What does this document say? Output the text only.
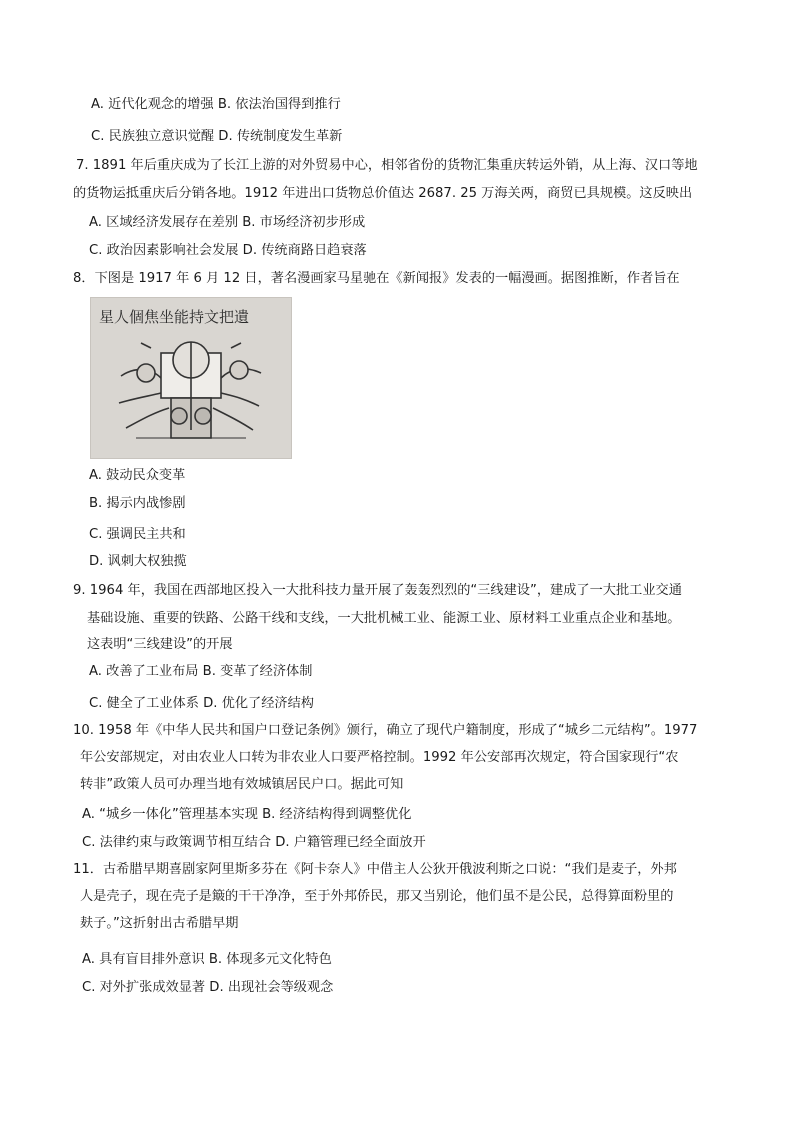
A. 近代化观念的增强 B. 依法治国得到推行
C. 民族独立意识觉醒 D. 传统制度发生革新
7. 1891 年后重庆成为了长江上游的对外贸易中心，相邻省份的货物汇集重庆转运外销，从上海、汉口等地
的货物运抵重庆后分销各地。1912 年进出口货物总价值达 2687. 25 万海关两，商贸已具规模。这反映出
A. 区域经济发展存在差别 B. 市场经济初步形成
C. 政治因素影响社会发展 D. 传统商路日趋衰落
8．下图是 1917 年 6 月 12 日，著名漫画家马星驰在《新闻报》发表的一幅漫画。据图推断，作者旨在
星人個焦坐能持文把遺
A. 鼓动民众变革
B. 揭示内战惨剧
C. 强调民主共和
D. 讽刺大权独揽
9. 1964 年，我国在西部地区投入一大批科技力量开展了轰轰烈烈的“三线建设”，建成了一大批工业交通
基础设施、重要的铁路、公路干线和支线，一大批机械工业、能源工业、原材料工业重点企业和基地。
这表明“三线建设”的开展
A. 改善了工业布局 B. 变革了经济体制
C. 健全了工业体系 D. 优化了经济结构
10. 1958 年《中华人民共和国户口登记条例》颁行，确立了现代户籍制度，形成了“城乡二元结构”。1977
年公安部规定，对由农业人口转为非农业人口要严格控制。1992 年公安部再次规定，符合国家现行“农
转非”政策人员可办理当地有效城镇居民户口。据此可知
A. “城乡一体化”管理基本实现 B. 经济结构得到调整优化
C. 法律约束与政策调节相互结合 D. 户籍管理已经全面放开
11．古希腊早期喜剧家阿里斯多芬在《阿卡奈人》中借主人公狄开俄波利斯之口说：“我们是麦子，外邦
人是壳子，现在壳子是簸的干干净净，至于外邦侨民，那又当别论，他们虽不是公民，总得算面粉里的
麸子。”这折射出古希腊早期
A. 具有盲目排外意识 B. 体现多元文化特色
C. 对外扩张成效显著 D. 出现社会等级观念
